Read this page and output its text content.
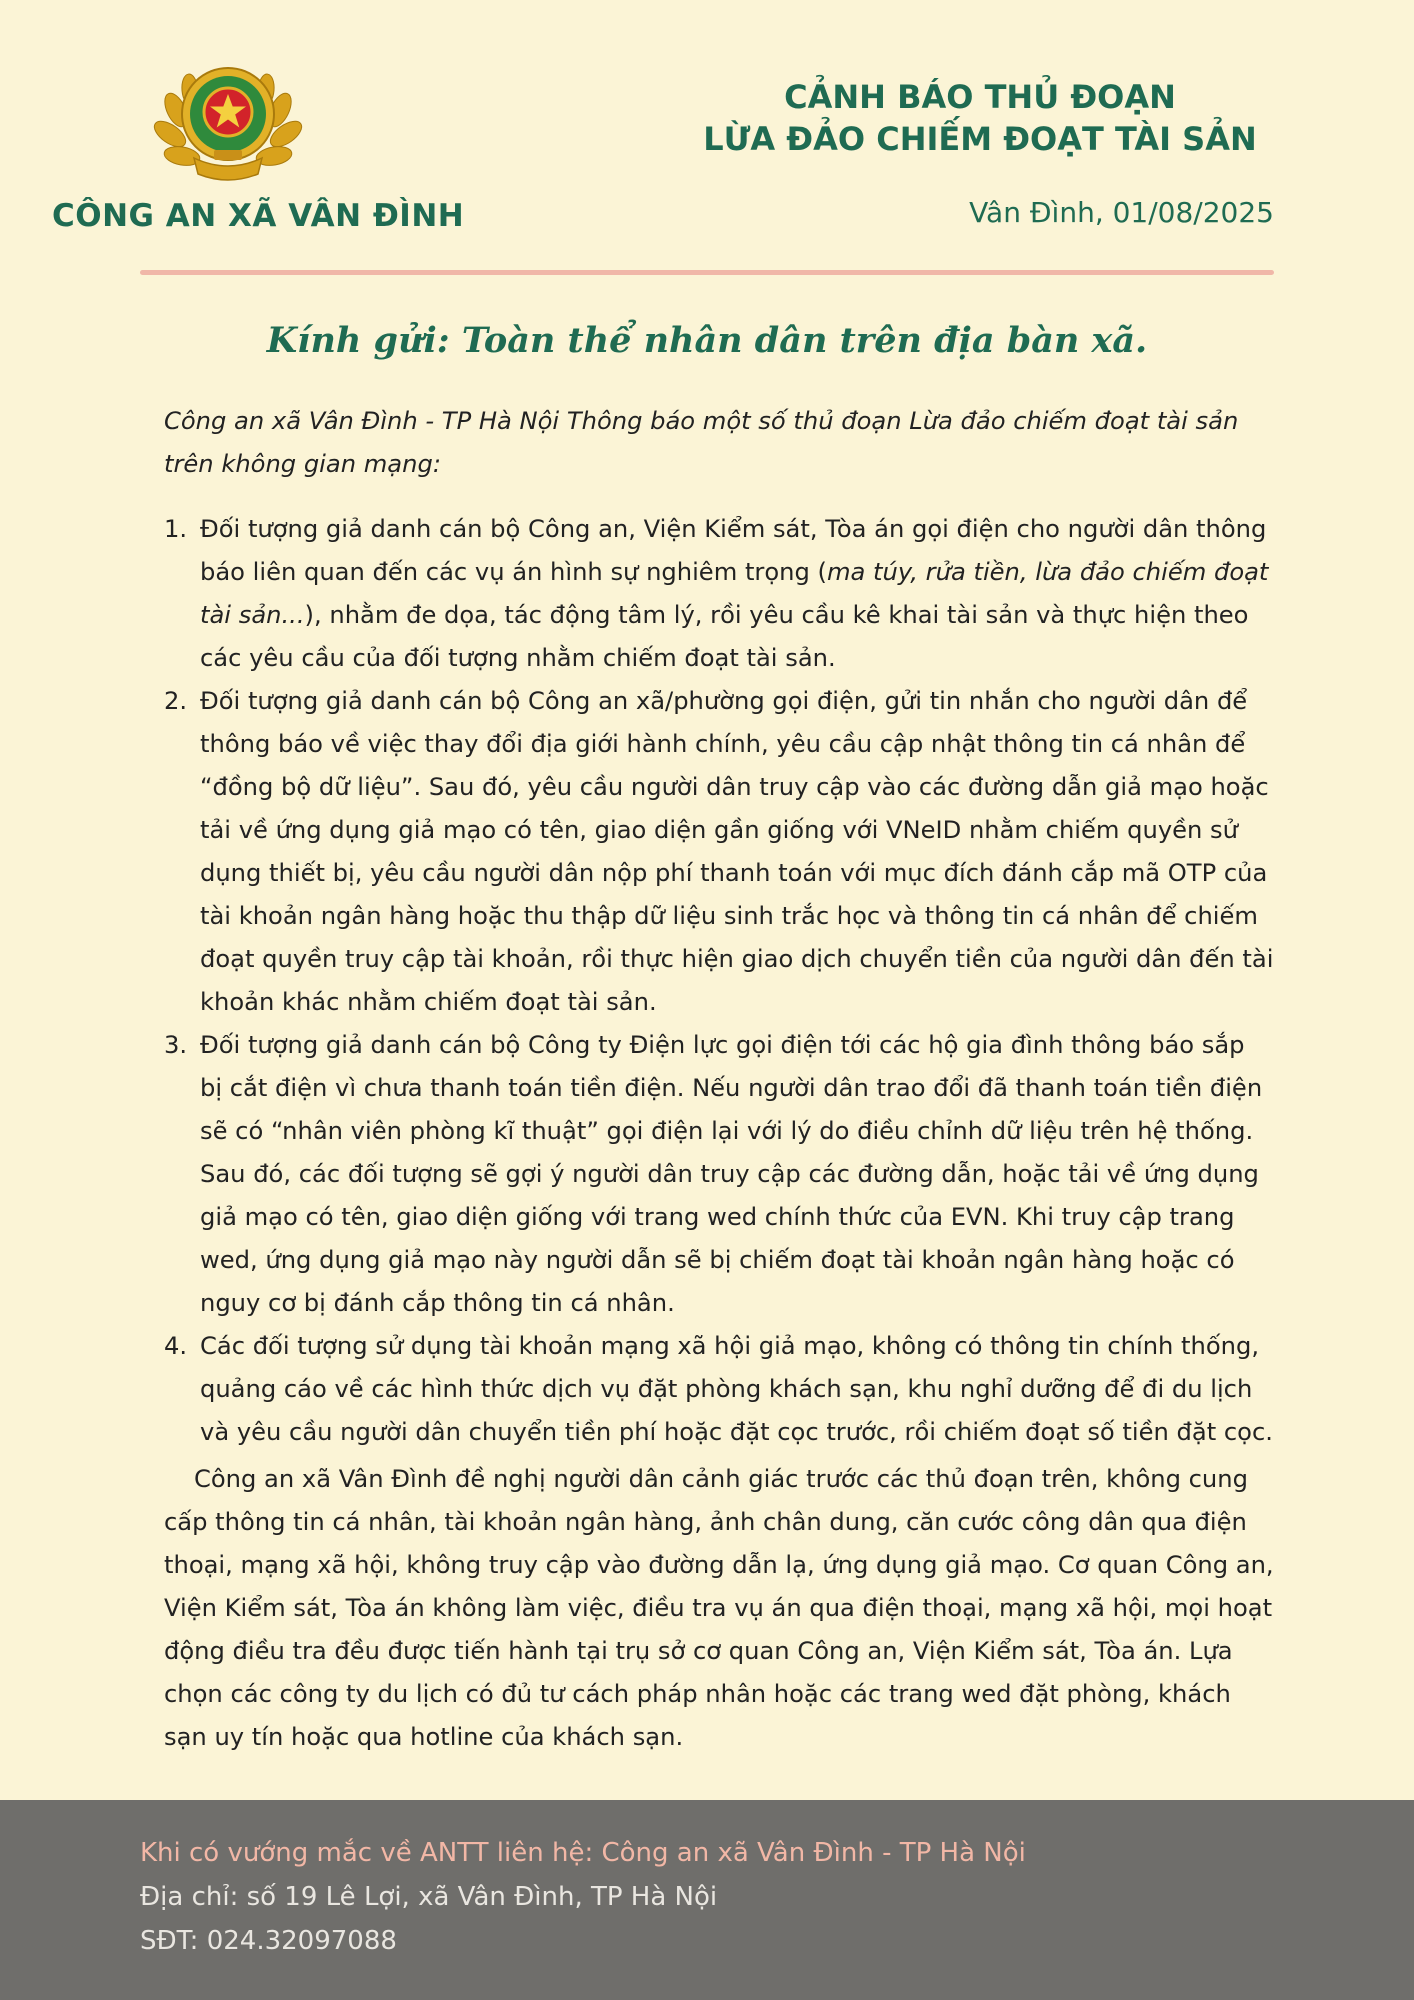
CÔNG AN XÃ VÂN ĐÌNH
CẢNH BÁO THỦ ĐOẠN
LỪA ĐẢO CHIẾM ĐOẠT TÀI SẢN
Vân Đình, 01/08/2025
Kính gửi: Toàn thể nhân dân trên địa bàn xã.

Công an xã Vân Đình - TP Hà Nội Thông báo một số thủ đoạn Lừa đảo chiếm đoạt tài sản trên không gian mạng:

1. Đối tượng giả danh cán bộ Công an, Viện Kiểm sát, Tòa án gọi điện cho người dân thông báo liên quan đến các vụ án hình sự nghiêm trọng (ma túy, rửa tiền, lừa đảo chiếm đoạt tài sản...), nhằm đe dọa, tác động tâm lý, rồi yêu cầu kê khai tài sản và thực hiện theo các yêu cầu của đối tượng nhằm chiếm đoạt tài sản.
2. Đối tượng giả danh cán bộ Công an xã/phường gọi điện, gửi tin nhắn cho người dân để thông báo về việc thay đổi địa giới hành chính, yêu cầu cập nhật thông tin cá nhân để “đồng bộ dữ liệu”. Sau đó, yêu cầu người dân truy cập vào các đường dẫn giả mạo hoặc tải về ứng dụng giả mạo có tên, giao diện gần giống với VNeID nhằm chiếm quyền sử dụng thiết bị, yêu cầu người dân nộp phí thanh toán với mục đích đánh cắp mã OTP của tài khoản ngân hàng hoặc thu thập dữ liệu sinh trắc học và thông tin cá nhân để chiếm đoạt quyền truy cập tài khoản, rồi thực hiện giao dịch chuyển tiền của người dân đến tài khoản khác nhằm chiếm đoạt tài sản.
3. Đối tượng giả danh cán bộ Công ty Điện lực gọi điện tới các hộ gia đình thông báo sắp bị cắt điện vì chưa thanh toán tiền điện. Nếu người dân trao đổi đã thanh toán tiền điện sẽ có “nhân viên phòng kĩ thuật” gọi điện lại với lý do điều chỉnh dữ liệu trên hệ thống. Sau đó, các đối tượng sẽ gợi ý người dân truy cập các đường dẫn, hoặc tải về ứng dụng giả mạo có tên, giao diện giống với trang wed chính thức của EVN. Khi truy cập trang wed, ứng dụng giả mạo này người dẫn sẽ bị chiếm đoạt tài khoản ngân hàng hoặc có nguy cơ bị đánh cắp thông tin cá nhân.
4. Các đối tượng sử dụng tài khoản mạng xã hội giả mạo, không có thông tin chính thống, quảng cáo về các hình thức dịch vụ đặt phòng khách sạn, khu nghỉ dưỡng để đi du lịch và yêu cầu người dân chuyển tiền phí hoặc đặt cọc trước, rồi chiếm đoạt số tiền đặt cọc.

Công an xã Vân Đình đề nghị người dân cảnh giác trước các thủ đoạn trên, không cung cấp thông tin cá nhân, tài khoản ngân hàng, ảnh chân dung, căn cước công dân qua điện thoại, mạng xã hội, không truy cập vào đường dẫn lạ, ứng dụng giả mạo. Cơ quan Công an, Viện Kiểm sát, Tòa án không làm việc, điều tra vụ án qua điện thoại, mạng xã hội, mọi hoạt động điều tra đều được tiến hành tại trụ sở cơ quan Công an, Viện Kiểm sát, Tòa án. Lựa chọn các công ty du lịch có đủ tư cách pháp nhân hoặc các trang wed đặt phòng, khách sạn uy tín hoặc qua hotline của khách sạn.

Khi có vướng mắc về ANTT liên hệ: Công an xã Vân Đình - TP Hà Nội
Địa chỉ: số 19 Lê Lợi, xã Vân Đình, TP Hà Nội
SĐT: 024.32097088
